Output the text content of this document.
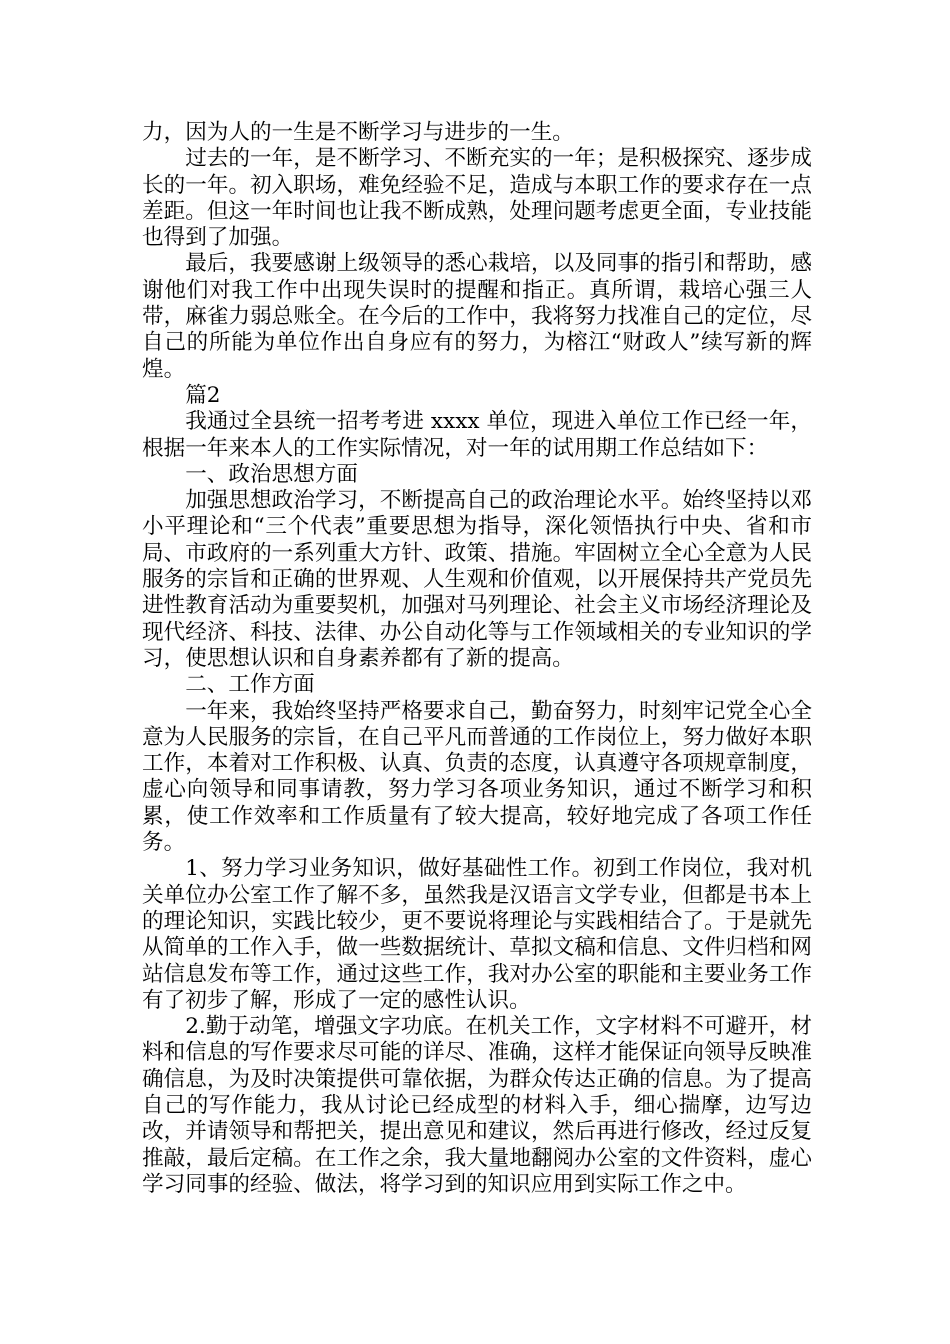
力，因为人的一生是不断学习与进步的一生。

过去的一年，是不断学习、不断充实的一年；是积极探究、逐步成长的一年。初入职场，难免经验不足，造成与本职工作的要求存在一点差距。但这一年时间也让我不断成熟，处理问题考虑更全面，专业技能也得到了加强。

最后，我要感谢上级领导的悉心栽培，以及同事的指引和帮助，感谢他们对我工作中出现失误时的提醒和指正。真所谓，栽培心强三人带，麻雀力弱总账全。在今后的工作中，我将努力找准自己的定位，尽自己的所能为单位作出自身应有的努力，为榕江“财政人”续写新的辉煌。

篇2

我通过全县统一招考考进 xxxx 单位，现进入单位工作已经一年，根据一年来本人的工作实际情况，对一年的试用期工作总结如下：

一、政治思想方面

加强思想政治学习，不断提高自己的政治理论水平。始终坚持以邓小平理论和“三个代表”重要思想为指导，深化领悟执行中央、省和市局、市政府的一系列重大方针、政策、措施。牢固树立全心全意为人民服务的宗旨和正确的世界观、人生观和价值观，以开展保持共产党员先进性教育活动为重要契机，加强对马列理论、社会主义市场经济理论及现代经济、科技、法律、办公自动化等与工作领域相关的专业知识的学习，使思想认识和自身素养都有了新的提高。

二、工作方面

一年来，我始终坚持严格要求自己，勤奋努力，时刻牢记党全心全意为人民服务的宗旨，在自己平凡而普通的工作岗位上，努力做好本职工作，本着对工作积极、认真、负责的态度，认真遵守各项规章制度，虚心向领导和同事请教，努力学习各项业务知识，通过不断学习和积累，使工作效率和工作质量有了较大提高，较好地完成了各项工作任务。

1、努力学习业务知识，做好基础性工作。初到工作岗位，我对机关单位办公室工作了解不多，虽然我是汉语言文学专业，但都是书本上的理论知识，实践比较少，更不要说将理论与实践相结合了。于是就先从简单的工作入手，做一些数据统计、草拟文稿和信息、文件归档和网站信息发布等工作，通过这些工作，我对办公室的职能和主要业务工作有了初步了解，形成了一定的感性认识。

2.勤于动笔，增强文字功底。在机关工作，文字材料不可避开，材料和信息的写作要求尽可能的详尽、准确，这样才能保证向领导反映准确信息，为及时决策提供可靠依据，为群众传达正确的信息。为了提高自己的写作能力，我从讨论已经成型的材料入手，细心揣摩，边写边改，并请领导和帮把关，提出意见和建议，然后再进行修改，经过反复推敲，最后定稿。在工作之余，我大量地翻阅办公室的文件资料，虚心学习同事的经验、做法，将学习到的知识应用到实际工作之中。
